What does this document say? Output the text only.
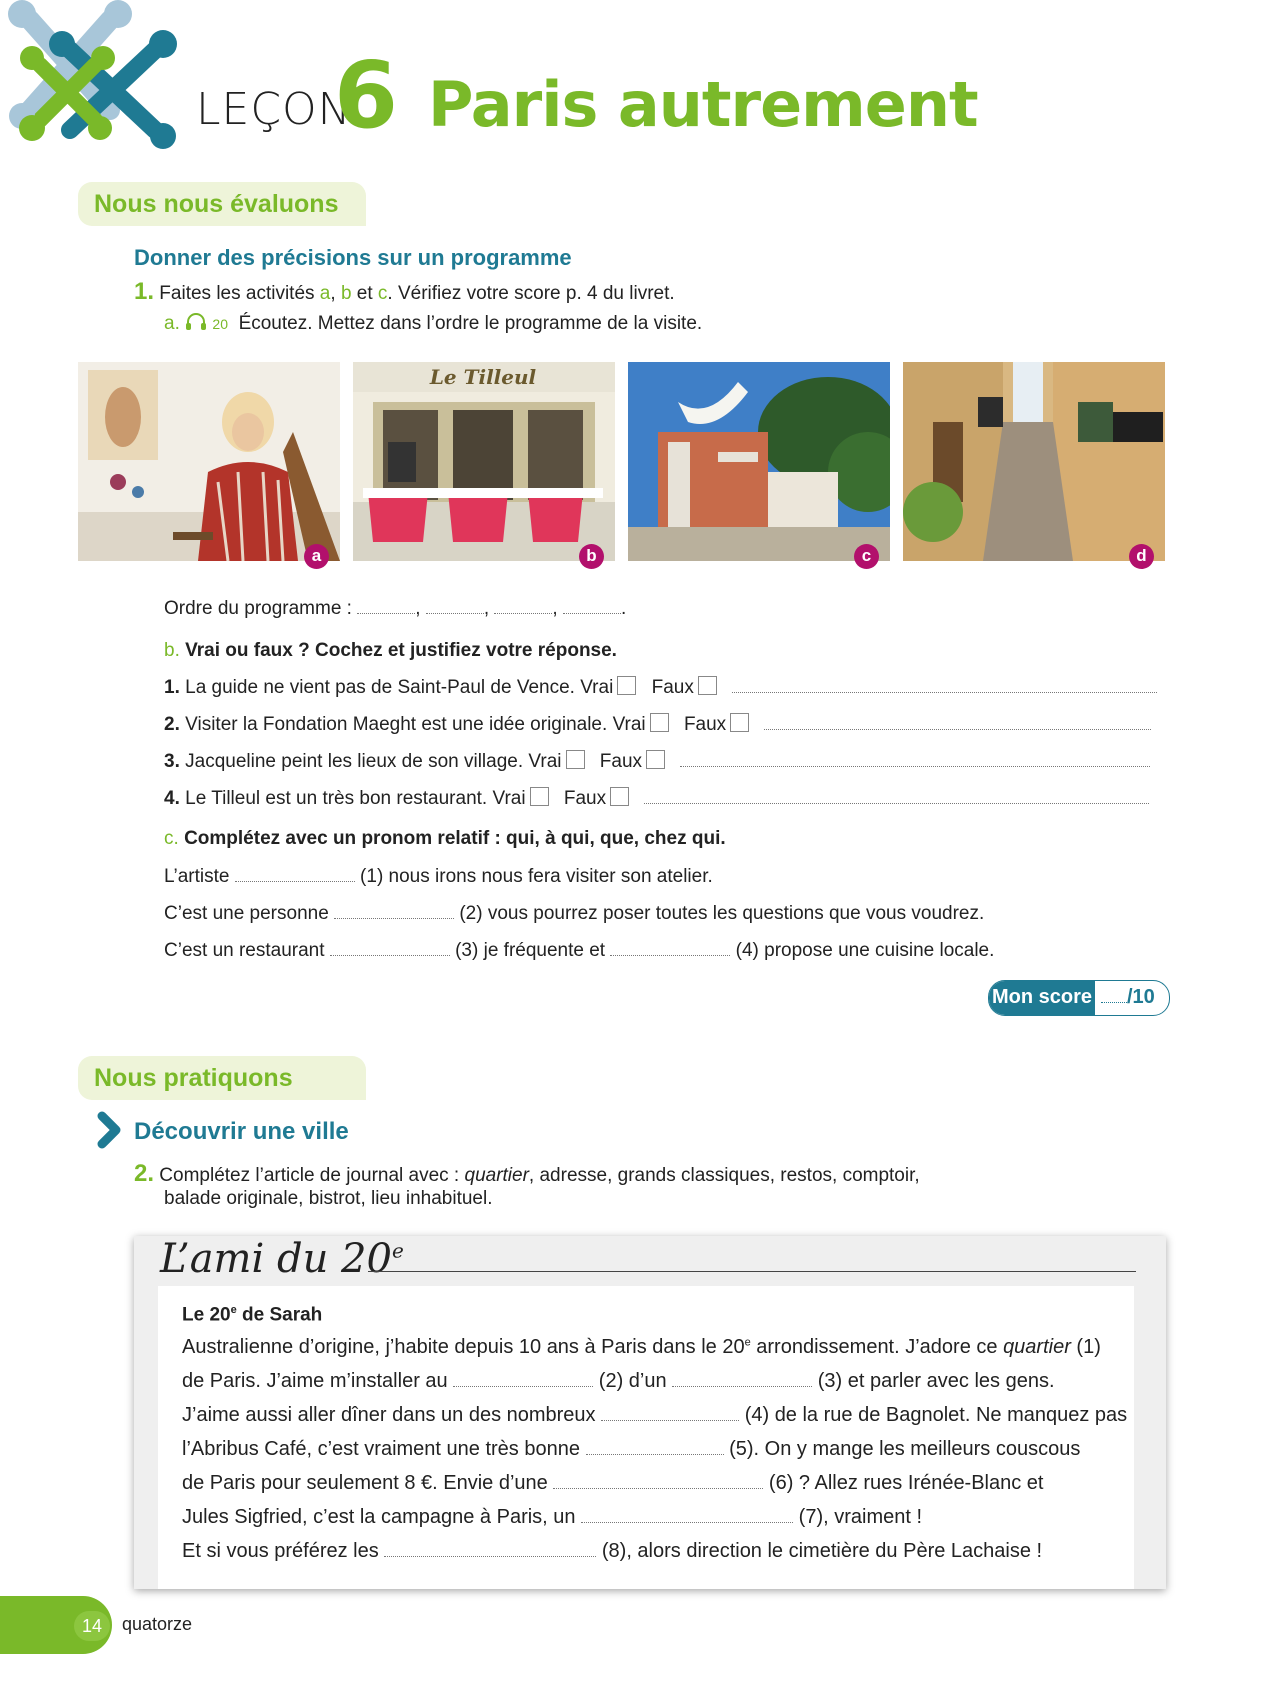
LEÇON
6 Paris autrement
Nous nous évaluons
Donner des précisions sur un programme
1. Faites les activités a, b et c. Vérifiez votre score p. 4 du livret.
a. 20 Écoutez. Mettez dans l’ordre le programme de la visite.
Le Tilleul
a	b	c	d
Ordre du programme :	,	,	,	.
b. Vrai ou faux ? Cochez et justifiez votre réponse.
1. La guide ne vient pas de Saint-Paul de Vence. Vrai Faux
2. Visiter la Fondation Maeght est une idée originale. Vrai Faux
3. Jacqueline peint les lieux de son village. Vrai Faux
4. Le Tilleul est un très bon restaurant. Vrai Faux
c. Complétez avec un pronom relatif : qui, à qui, que, chez qui.
L’artiste	(1) nous irons nous fera visiter son atelier.
C’est une personne	(2) vous pourrez poser toutes les questions que vous voudrez.
C’est un restaurant	(3) je fréquente et	(4) propose une cuisine locale.
Mon score	/10
Nous pratiquons
Découvrir une ville
2. Complétez l’article de journal avec : quartier, adresse, grands classiques, restos, comptoir,
balade originale, bistrot, lieu inhabituel.
L’ami du 20e
Le 20e de Sarah
Australienne d’origine, j’habite depuis 10 ans à Paris dans le 20e arrondissement. J’adore ce quartier (1)
de Paris. J’aime m’installer au	(2) d’un	(3) et parler avec les gens.
J’aime aussi aller dîner dans un des nombreux	(4) de la rue de Bagnolet. Ne manquez pas
l’Abribus Café, c’est vraiment une très bonne	(5). On y mange les meilleurs couscous
de Paris pour seulement 8 €. Envie d’une	(6) ? Allez rues Irénée-Blanc et
Jules Sigfried, c’est la campagne à Paris, un	(7), vraiment !
Et si vous préférez les	(8), alors direction le cimetière du Père Lachaise !
14	quatorze
